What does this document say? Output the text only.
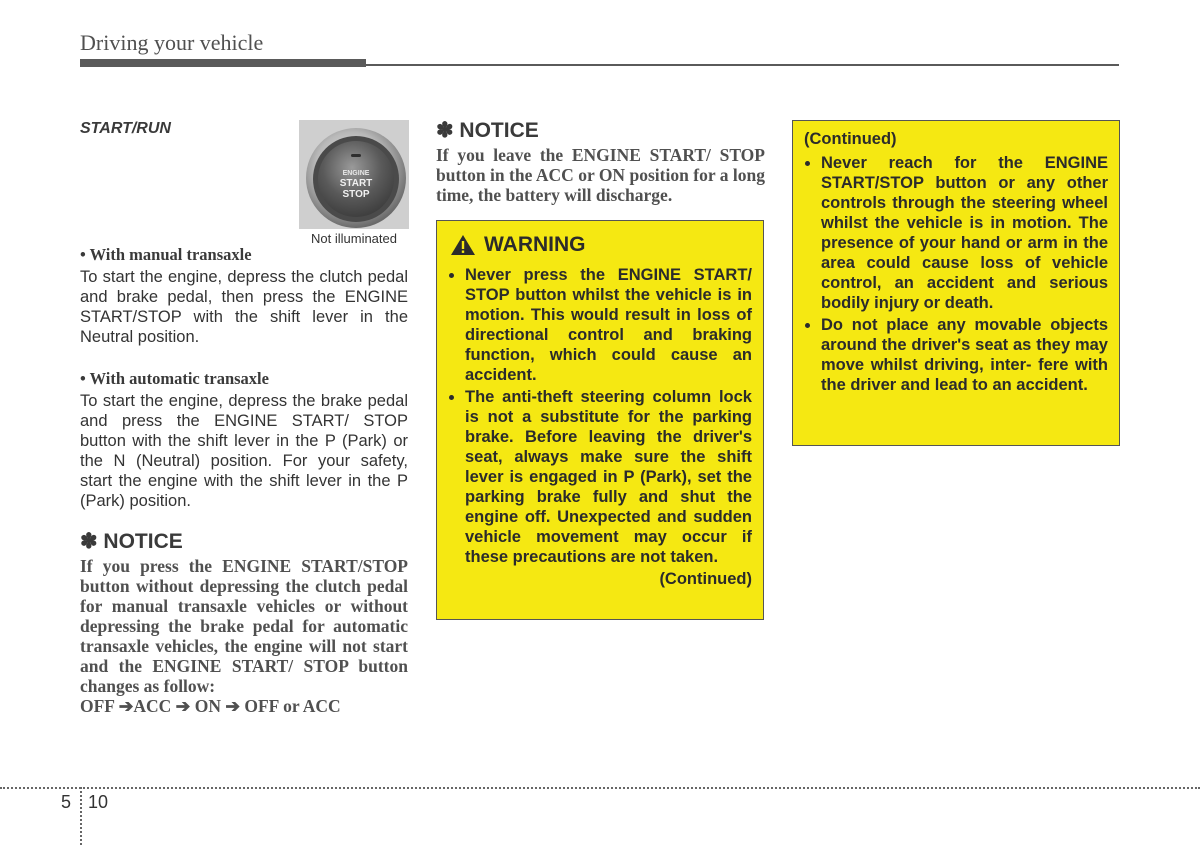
Driving your vehicle
START/RUN
• With manual transaxle
To start the engine, depress the clutch pedal and brake pedal, then press the ENGINE START/STOP with the shift lever in the Neutral position.
• With automatic transaxle
To start the engine, depress the brake pedal and press the ENGINE START/ STOP button with the shift lever in the P (Park) or the N (Neutral) position. For your safety, start the engine with the shift lever in the P (Park) position.
✽ NOTICE
If you press the ENGINE START/STOP button without depressing the clutch pedal for manual transaxle vehicles or without depressing the brake pedal for automatic transaxle vehicles, the engine will not start and the ENGINE START/ STOP button changes as follow:
OFF ➔ACC ➔ ON ➔ OFF or ACC
ENGINE
START
STOP
Not illuminated
✽ NOTICE
If you leave the ENGINE START/ STOP button in the ACC or ON position for a long time, the battery will discharge.
WARNING
• Never press the ENGINE START/ STOP button whilst the vehicle is in motion. This would result in loss of directional control and braking function, which could cause an accident.
• The anti-theft steering column lock is not a substitute for the parking brake. Before leaving the driver's seat, always make sure the shift lever is engaged in P (Park), set the parking brake fully and shut the engine off. Unexpected and sudden vehicle movement may occur if these precautions are not taken.
(Continued)
(Continued)
• Never reach for the ENGINE START/STOP button or any other controls through the steering wheel whilst the vehicle is in motion. The presence of your hand or arm in the area could cause loss of vehicle control, an accident and serious bodily injury or death.
• Do not place any movable objects around the driver's seat as they may move whilst driving, inter- fere with the driver and lead to an accident.
5 10
